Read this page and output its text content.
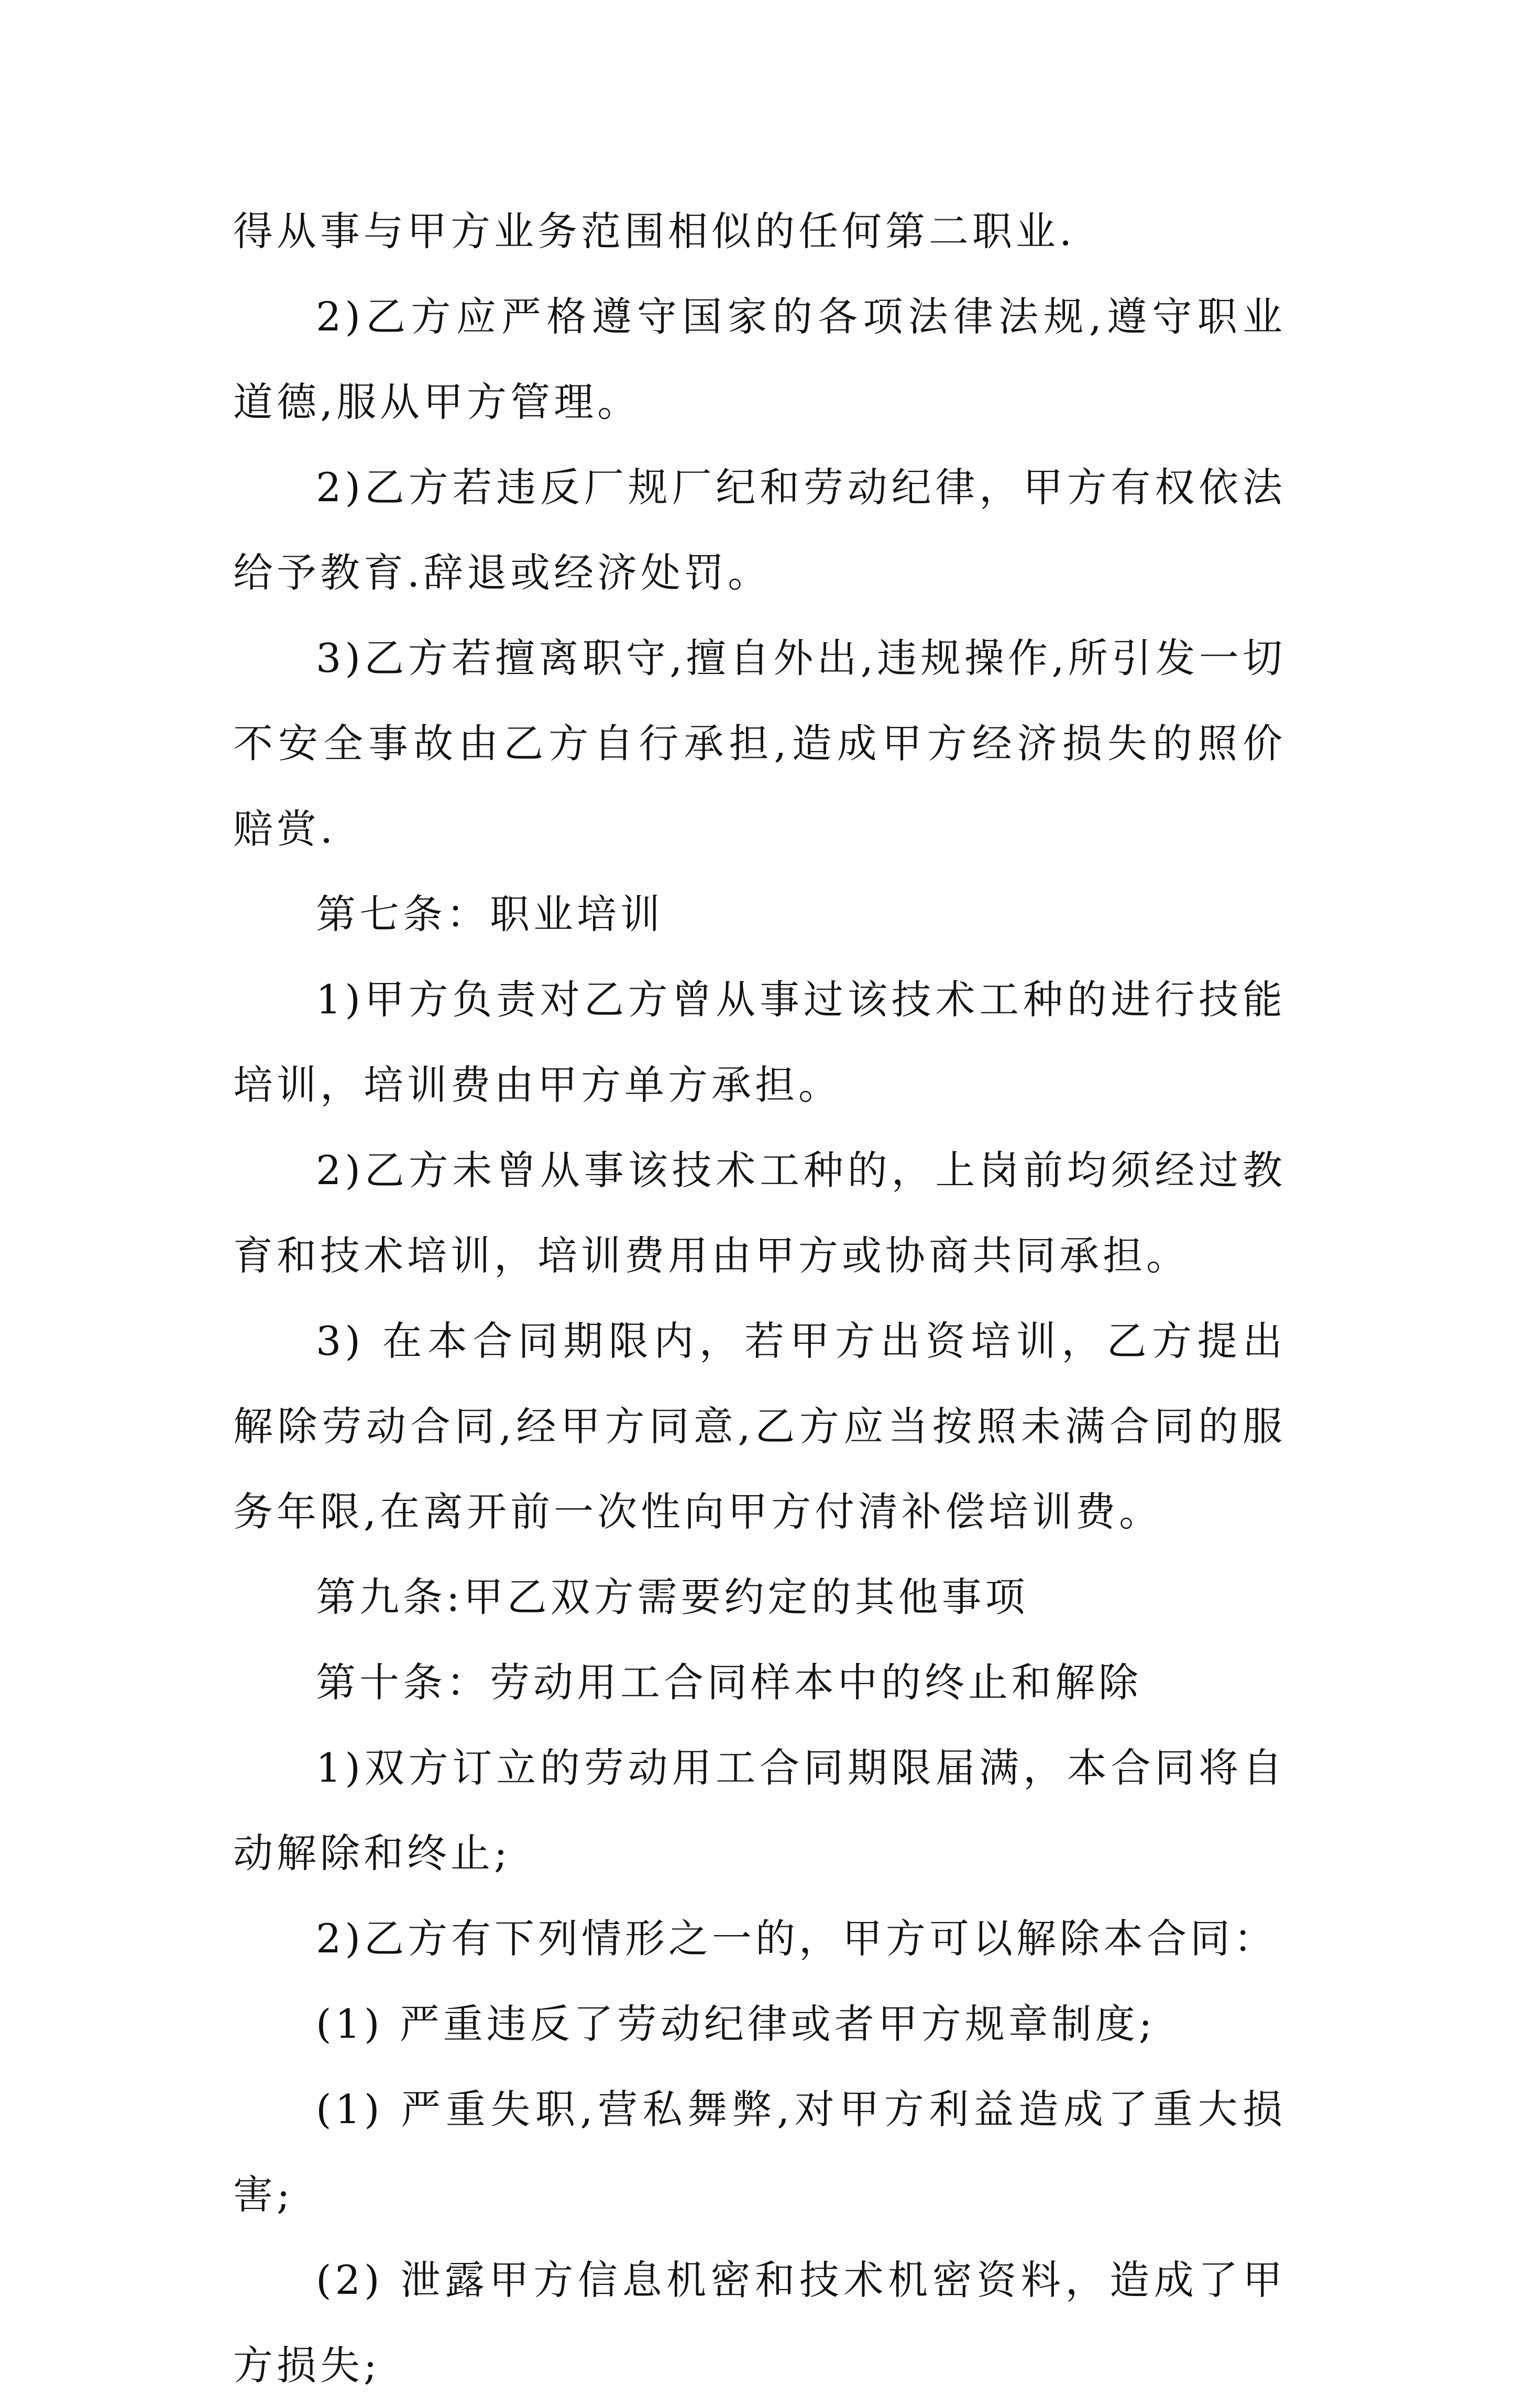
得从事与甲方业务范围相似的任何第二职业.

2)乙方应严格遵守国家的各项法律法规,遵守职业道德,服从甲方管理。

2)乙方若违反厂规厂纪和劳动纪律，甲方有权依法给予教育.辞退或经济处罚。

3)乙方若擅离职守,擅自外出,违规操作,所引发一切不安全事故由乙方自行承担,造成甲方经济损失的照价赔赏.

第七条：职业培训

1)甲方负责对乙方曾从事过该技术工种的进行技能培训，培训费由甲方单方承担。

2)乙方未曾从事该技术工种的，上岗前均须经过教育和技术培训，培训费用由甲方或协商共同承担。

3) 在本合同期限内，若甲方出资培训，乙方提出解除劳动合同,经甲方同意,乙方应当按照未满合同的服务年限,在离开前一次性向甲方付清补偿培训费。

第九条:甲乙双方需要约定的其他事项

第十条：劳动用工合同样本中的终止和解除

1)双方订立的劳动用工合同期限届满，本合同将自动解除和终止;

2)乙方有下列情形之一的，甲方可以解除本合同：

(1) 严重违反了劳动纪律或者甲方规章制度;

(1) 严重失职,营私舞弊,对甲方利益造成了重大损害;

(2) 泄露甲方信息机密和技术机密资料，造成了甲方损失;
